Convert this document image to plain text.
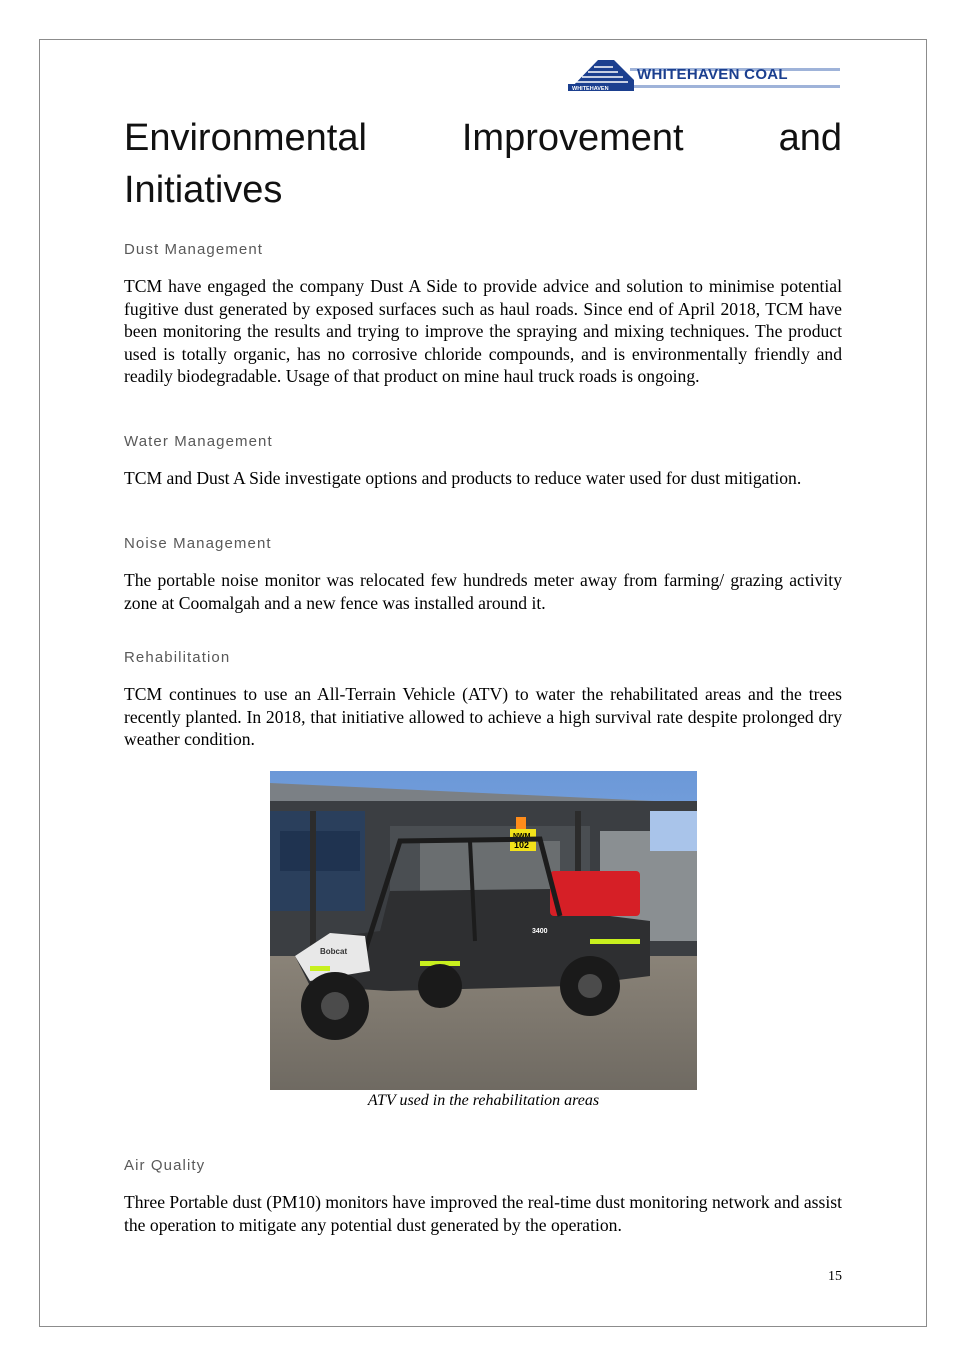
WHITEHAVEN
WHITEHAVEN COAL
Environmental Improvement and
Initiatives
Dust Management
TCM have engaged the company Dust A Side to provide advice and solution to minimise potential fugitive dust generated by exposed surfaces such as haul roads. Since end of April 2018, TCM have been monitoring the results and trying to improve the spraying and mixing techniques. The product used is totally organic, has no corrosive chloride compounds, and is environmentally friendly and readily biodegradable. Usage of that product on mine haul truck roads is ongoing.
Water Management
TCM and Dust A Side investigate options and products to reduce water used for dust mitigation.
Noise Management
The portable noise monitor was relocated few hundreds meter away from farming/ grazing activity zone at Coomalgah and a new fence was installed around it.
Rehabilitation
TCM continues to use an All-Terrain Vehicle (ATV) to water the rehabilitated areas and the trees recently planted. In 2018, that initiative allowed to achieve a high survival rate despite prolonged dry weather condition.
NWM
102
Bobcat
3400
ATV used in the rehabilitation areas
Air Quality
Three Portable dust (PM10) monitors have improved the real-time dust monitoring network and assist the operation to mitigate any potential dust generated by the operation.
15
